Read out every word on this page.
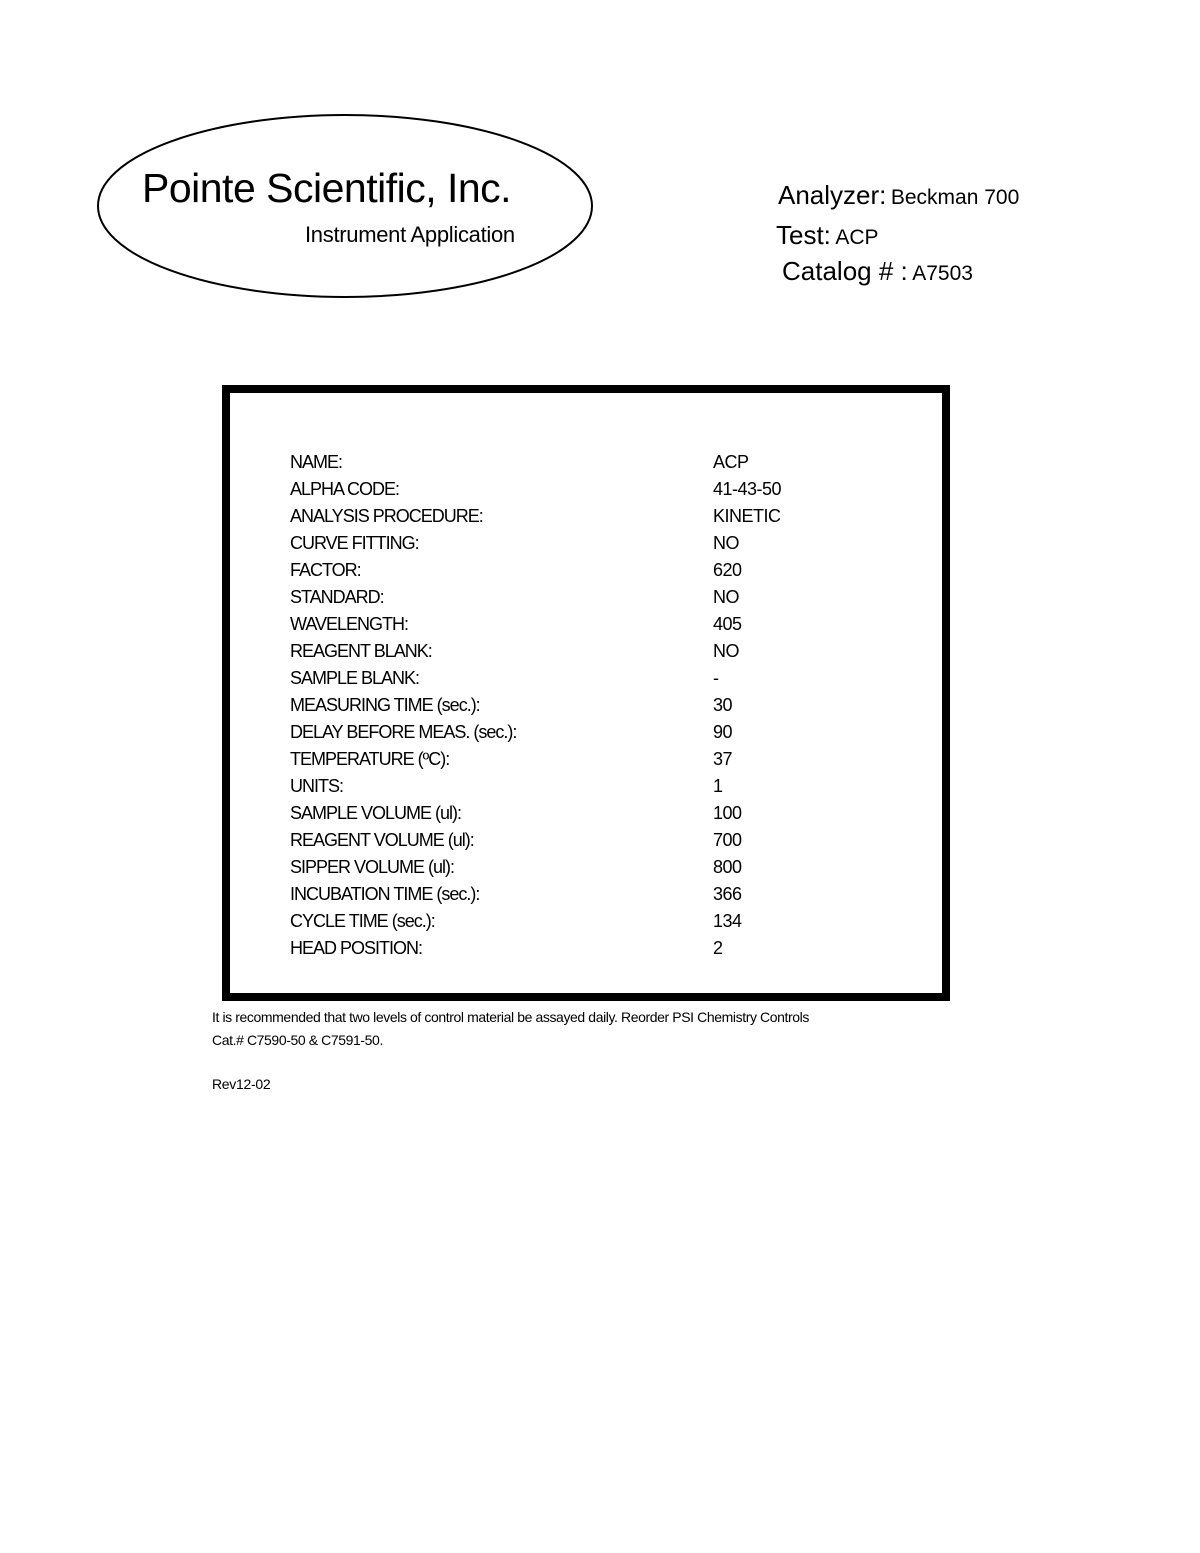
Pointe Scientific, Inc.
Instrument Application
Analyzer: Beckman 700
Test: ACP
Catalog # : A7503
NAME:	ACP
ALPHA CODE:	41-43-50
ANALYSIS PROCEDURE:	KINETIC
CURVE FITTING:	NO
FACTOR:	620
STANDARD:	NO
WAVELENGTH:	405
REAGENT BLANK:	NO
SAMPLE BLANK:	-
MEASURING TIME (sec.):	30
DELAY BEFORE MEAS. (sec.):	90
TEMPERATURE (ºC):	37
UNITS:	1
SAMPLE VOLUME (ul):	100
REAGENT VOLUME (ul):	700
SIPPER VOLUME (ul):	800
INCUBATION TIME (sec.):	366
CYCLE TIME (sec.):	134
HEAD POSITION:	2
It is recommended that two levels of control material be assayed daily. Reorder PSI Chemistry Controls
Cat.# C7590-50 & C7591-50.
Rev12-02
